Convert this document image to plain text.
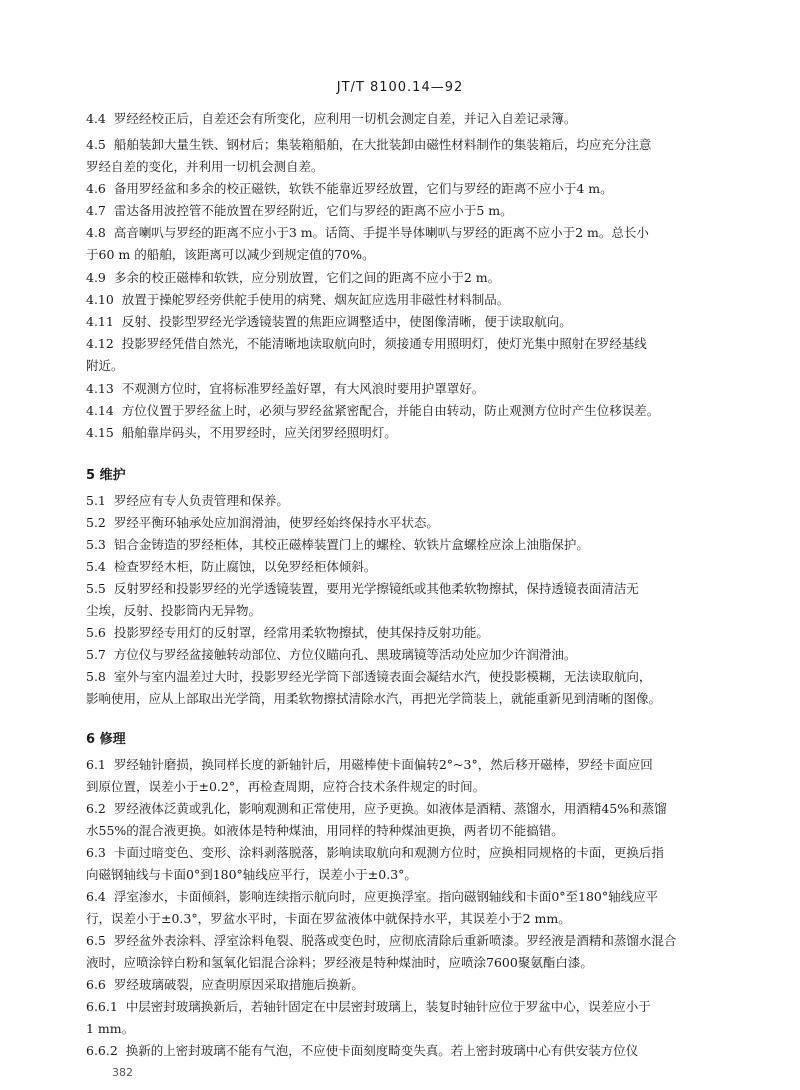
JT/T 8100.14—92
4.4  罗经经校正后，自差还会有所变化，应利用一切机会测定自差，并记入自差记录簿。
4.5  船舶装卸大量生铁、钢材后；集装箱船舶，在大批装卸由磁性材料制作的集装箱后，均应充分注意
罗经自差的变化，并利用一切机会测自差。
4.6  备用罗经盆和多余的校正磁铁，软铁不能靠近罗经放置，它们与罗经的距离不应小于4 m。
4.7  雷达备用波控管不能放置在罗经附近，它们与罗经的距离不应小于5 m。
4.8  高音喇叭与罗经的距离不应小于3 m。话筒、手提半导体喇叭与罗经的距离不应小于2 m。总长小
于60 m 的船舶，该距离可以减少到规定值的70%。
4.9  多余的校正磁棒和软铁，应分别放置，它们之间的距离不应小于2 m。
4.10  放置于操舵罗经旁供舵手使用的病凳、烟灰缸应选用非磁性材料制品。
4.11  反射、投影型罗经光学透镜装置的焦距应调整适中，使图像清晰，便于读取航向。
4.12  投影罗经凭借自然光，不能清晰地读取航向时，须接通专用照明灯，使灯光集中照射在罗经基线
附近。
4.13  不观测方位时，宜将标准罗经盖好罩，有大风浪时要用护罩罩好。
4.14  方位仪置于罗经盆上时，必须与罗经盆紧密配合，并能自由转动，防止观测方位时产生位移误差。
4.15  船舶靠岸码头，不用罗经时，应关闭罗经照明灯。
5 维护
5.1  罗经应有专人负责管理和保养。
5.2  罗经平衡环轴承处应加润滑油，使罗经始终保持水平状态。
5.3  铝合金铸造的罗经柜体，其校正磁棒装置门上的螺栓、软铁片盒螺栓应涂上油脂保护。
5.4  检查罗经木柜，防止腐蚀，以免罗经柜体倾斜。
5.5  反射罗经和投影罗经的光学透镜装置，要用光学擦镜纸或其他柔软物擦拭，保持透镜表面清洁无
尘埃，反射、投影筒内无异物。
5.6  投影罗经专用灯的反射罩，经常用柔软物擦拭，使其保持反射功能。
5.7  方位仪与罗经盆接触转动部位、方位仪瞄向孔、黑玻璃镜等活动处应加少许润滑油。
5.8  室外与室内温差过大时，投影罗经光学筒下部透镜表面会凝结水汽，使投影模糊，无法读取航向，
影响使用，应从上部取出光学筒，用柔软物擦拭清除水汽，再把光学筒装上，就能重新见到清晰的图像。
6 修理
6.1  罗经轴针磨损，换同样长度的新轴针后，用磁棒使卡面偏转2°~3°，然后移开磁棒，罗经卡面应回
到原位置，误差小于±0.2°，再检查周期，应符合技术条件规定的时间。
6.2  罗经液体泛黄或乳化，影响观测和正常使用，应予更换。如液体是酒精、蒸馏水，用酒精45%和蒸馏
水55%的混合液更换。如液体是特种煤油，用同样的特种煤油更换，两者切不能搞错。
6.3  卡面过暗变色、变形、涂料剥落脱落，影响读取航向和观测方位时，应换相同规格的卡面，更换后指
向磁钢轴线与卡面0°到180°轴线应平行，误差小于±0.3°。
6.4  浮室渗水，卡面倾斜，影响连续指示航向时，应更换浮室。指向磁钢轴线和卡面0°至180°轴线应平
行，误差小于±0.3°，罗盆水平时，卡面在罗盆液体中就保持水平，其误差小于2 mm。
6.5  罗经盆外表涂料、浮室涂料龟裂、脱落或变色时，应彻底清除后重新喷漆。罗经液是酒精和蒸馏水混合
液时，应喷涂锌白粉和氢氧化铝混合涂料；罗经液是特种煤油时，应喷涂7600聚氨酯白漆。
6.6  罗经玻璃破裂，应查明原因采取措施后换新。
6.6.1  中层密封玻璃换新后，若轴针固定在中层密封玻璃上，装复时轴针应位于罗盆中心，误差应小于
1 mm。
6.6.2  换新的上密封玻璃不能有气泡，不应使卡面刻度畸变失真。若上密封玻璃中心有供安装方位仪
382
